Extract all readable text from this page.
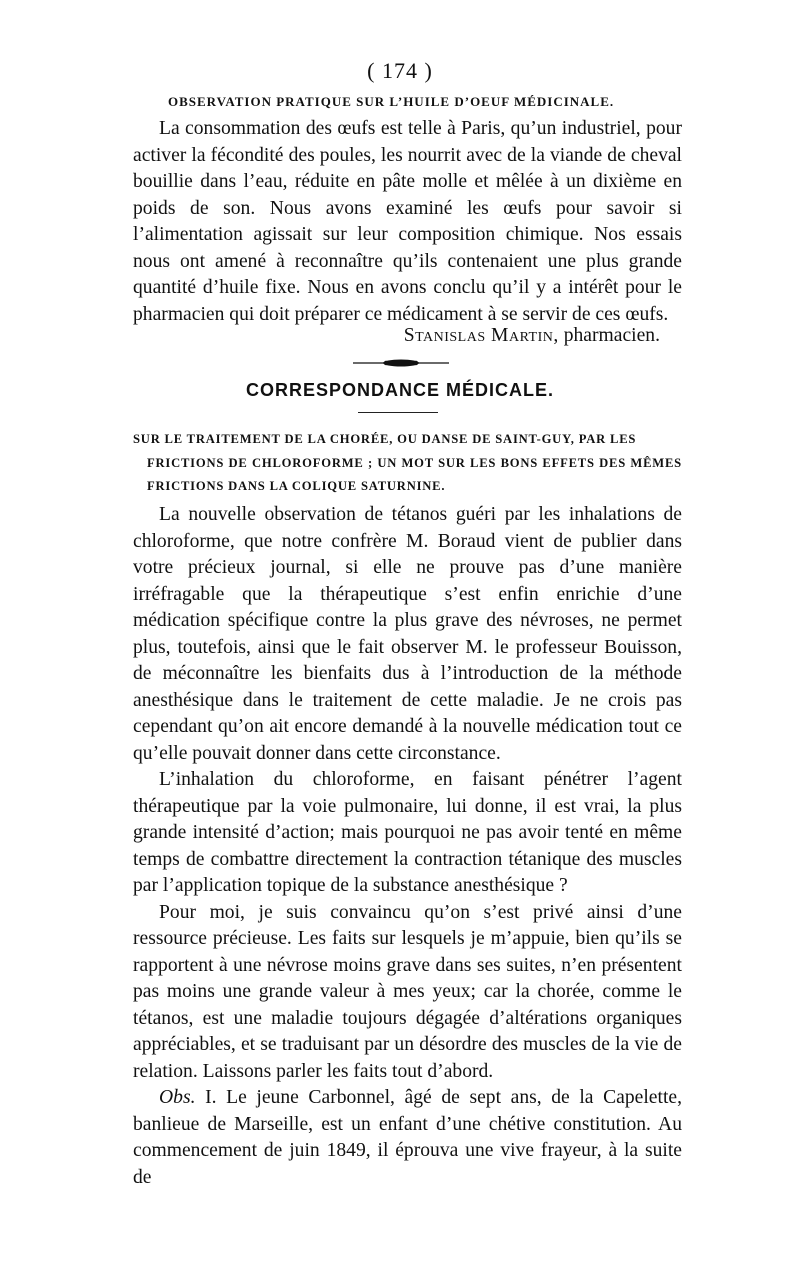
( 174 )
OBSERVATION PRATIQUE SUR L’HUILE D’OEUF MÉDICINALE.

La consommation des œufs est telle à Paris, qu’un industriel, pour activer la fécondité des poules, les nourrit avec de la viande de cheval bouillie dans l’eau, réduite en pâte molle et mêlée à un dixième en poids de son. Nous avons examiné les œufs pour savoir si l’alimentation agissait sur leur composition chimique. Nos essais nous ont amené à reconnaître qu’ils contenaient une plus grande quantité d’huile fixe. Nous en avons conclu qu’il y a intérêt pour le pharmacien qui doit préparer ce médicament à se servir de ces œufs.

Stanislas Martin, pharmacien.
CORRESPONDANCE MÉDICALE.
SUR LE TRAITEMENT DE LA CHORÉE, OU DANSE DE SAINT-GUY, PAR LES
FRICTIONS DE CHLOROFORME ; UN MOT SUR LES BONS EFFETS DES MÊMES FRICTIONS DANS LA COLIQUE SATURNINE.

La nouvelle observation de tétanos guéri par les inhalations de chloroforme, que notre confrère M. Boraud vient de publier dans votre précieux journal, si elle ne prouve pas d’une manière irréfragable que la thérapeutique s’est enfin enrichie d’une médication spécifique contre la plus grave des névroses, ne permet plus, toutefois, ainsi que le fait observer M. le professeur Bouisson, de méconnaître les bienfaits dus à l’introduction de la méthode anesthésique dans le traitement de cette maladie. Je ne crois pas cependant qu’on ait encore demandé à la nouvelle médication tout ce qu’elle pouvait donner dans cette circonstance.

L’inhalation du chloroforme, en faisant pénétrer l’agent thérapeutique par la voie pulmonaire, lui donne, il est vrai, la plus grande intensité d’action; mais pourquoi ne pas avoir tenté en même temps de combattre directement la contraction tétanique des muscles par l’application topique de la substance anesthésique ?

Pour moi, je suis convaincu qu’on s’est privé ainsi d’une ressource précieuse. Les faits sur lesquels je m’appuie, bien qu’ils se rapportent à une névrose moins grave dans ses suites, n’en présentent pas moins une grande valeur à mes yeux; car la chorée, comme le tétanos, est une maladie toujours dégagée d’altérations organiques appréciables, et se traduisant par un désordre des muscles de la vie de relation. Laissons parler les faits tout d’abord.

Obs. I. Le jeune Carbonnel, âgé de sept ans, de la Capelette, banlieue de Marseille, est un enfant d’une chétive constitution. Au commencement de juin 1849, il éprouva une vive frayeur, à la suite de
